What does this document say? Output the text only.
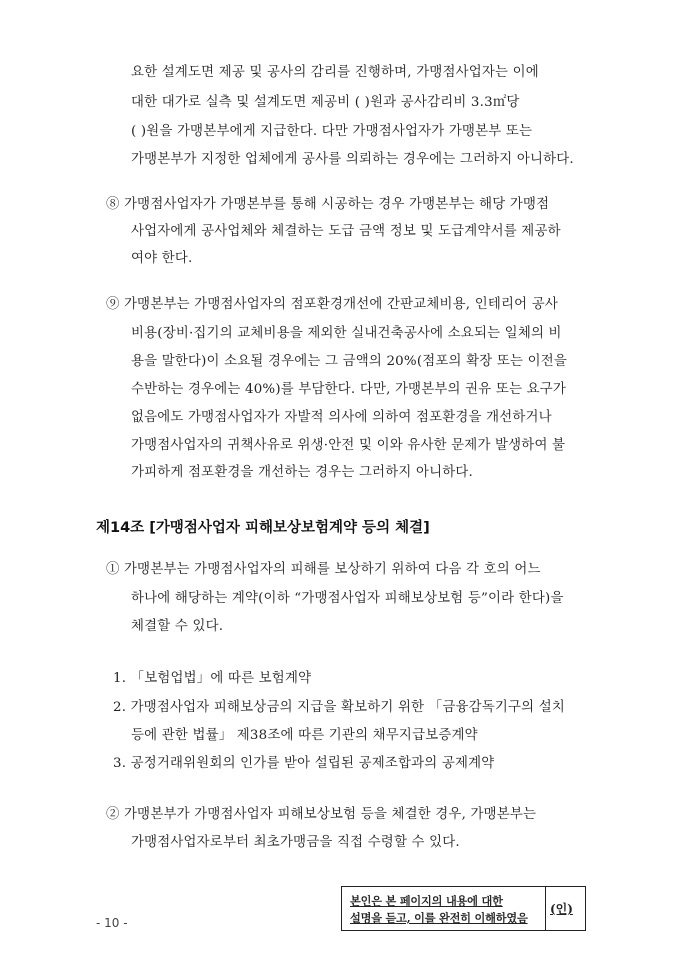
요한 설계도면 제공 및 공사의 감리를 진행하며, 가맹점사업자는 이에
대한 대가로 실측 및 설계도면 제공비 ( )원과 공사감리비 3.3㎡당
( )원을 가맹본부에게 지급한다. 다만 가맹점사업자가 가맹본부 또는
가맹본부가 지정한 업체에게 공사를 의뢰하는 경우에는 그러하지 아니하다.
⑧ 가맹점사업자가 가맹본부를 통해 시공하는 경우 가맹본부는 해당 가맹점
사업자에게 공사업체와 체결하는 도급 금액 정보 및 도급계약서를 제공하
여야 한다.
⑨ 가맹본부는 가맹점사업자의 점포환경개선에 간판교체비용, 인테리어 공사
비용(장비·집기의 교체비용을 제외한 실내건축공사에 소요되는 일체의 비
용을 말한다)이 소요될 경우에는 그 금액의 20%(점포의 확장 또는 이전을
수반하는 경우에는 40%)를 부담한다. 다만, 가맹본부의 권유 또는 요구가
없음에도 가맹점사업자가 자발적 의사에 의하여 점포환경을 개선하거나
가맹점사업자의 귀책사유로 위생·안전 및 이와 유사한 문제가 발생하여 불
가피하게 점포환경을 개선하는 경우는 그러하지 아니하다.
제14조 [가맹점사업자 피해보상보험계약 등의 체결]
① 가맹본부는 가맹점사업자의 피해를 보상하기 위하여 다음 각 호의 어느
하나에 해당하는 계약(이하 “가맹점사업자 피해보상보험 등”이라 한다)을
체결할 수 있다.
1. 「보험업법」에 따른 보험계약
2. 가맹점사업자 피해보상금의 지급을 확보하기 위한 「금융감독기구의 설치
등에 관한 법률」 제38조에 따른 기관의 채무지급보증계약
3. 공정거래위원회의 인가를 받아 설립된 공제조합과의 공제계약
② 가맹본부가 가맹점사업자 피해보상보험 등을 체결한 경우, 가맹본부는
가맹점사업자로부터 최초가맹금을 직접 수령할 수 있다.
- 10 -
본인은 본 페이지의 내용에 대한
설명을 듣고, 이를 완전히 이해하였음
(인)
